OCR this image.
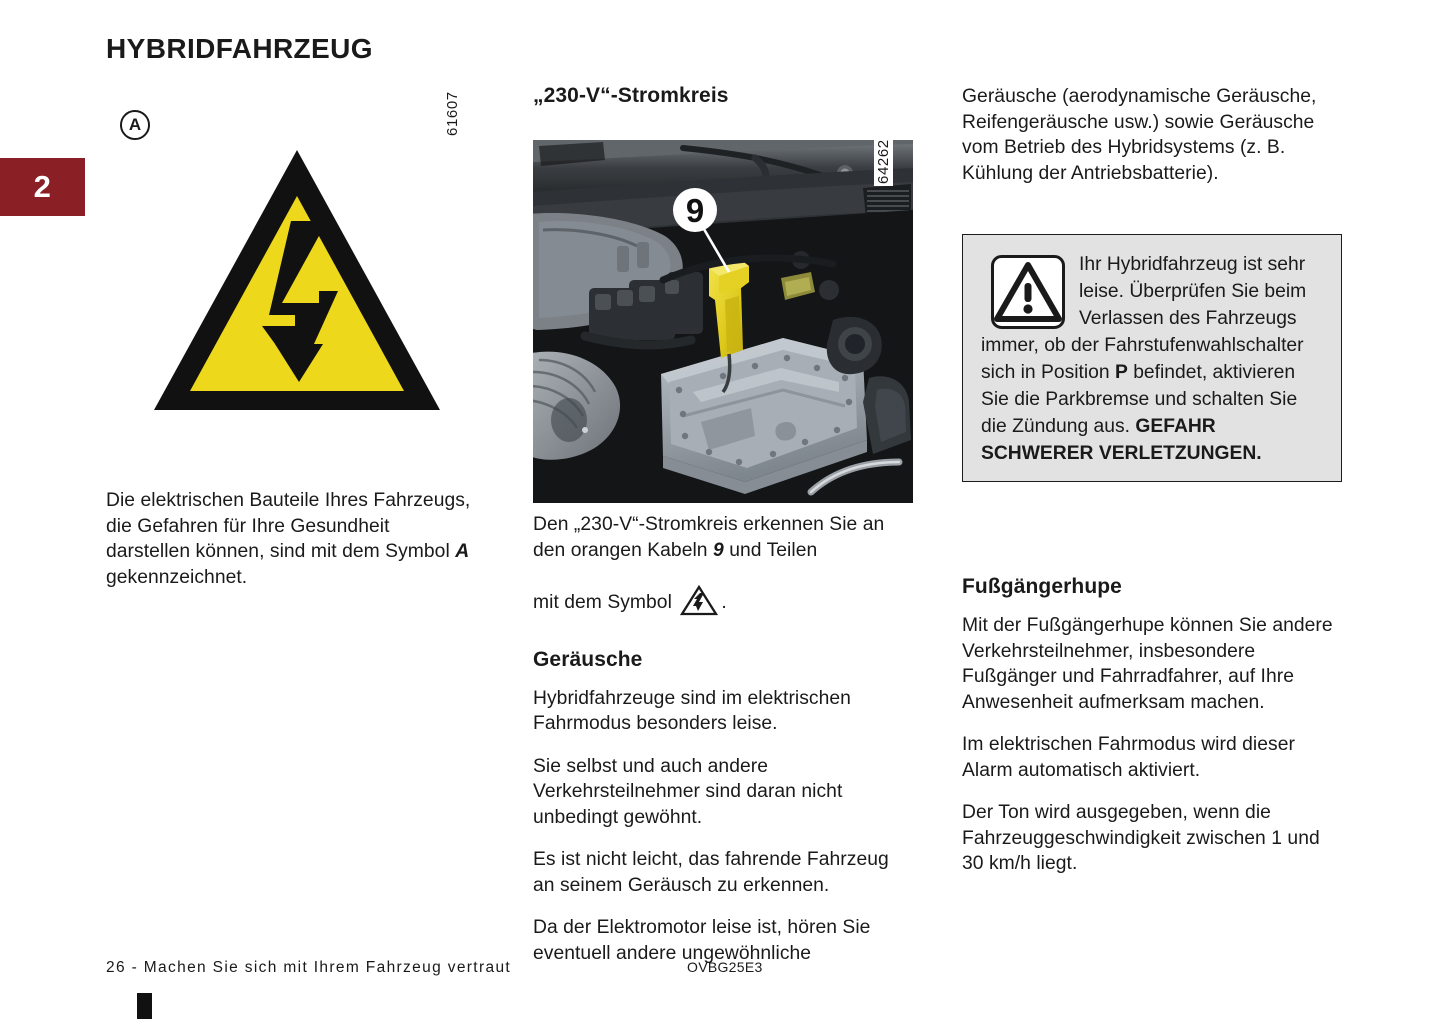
2
HYBRIDFAHRZEUG
A	61607

Die elektrischen Bauteile Ihres Fahrzeugs, die Gefahren für Ihre Gesundheit darstellen können, sind mit dem Symbol A gekennzeichnet.

„230-V“-Stromkreis
9
64262

Den „230-V“-Stromkreis erkennen Sie an den orangen Kabeln 9 und Teilen

mit dem Symbol .

Geräusche

Hybridfahrzeuge sind im elektrischen Fahrmodus besonders leise.

Sie selbst und auch andere Verkehrsteilnehmer sind daran nicht unbedingt gewöhnt.

Es ist nicht leicht, das fahrende Fahrzeug an seinem Geräusch zu erkennen.

Da der Elektromotor leise ist, hören Sie eventuell andere ungewöhnliche

Geräusche (aerodynamische Geräusche, Reifengeräusche usw.) sowie Geräusche vom Betrieb des Hybridsystems (z. B. Kühlung der Antriebsbatterie).

Ihr Hybridfahrzeug ist sehr leise. Überprüfen Sie beim Verlassen des Fahrzeugs immer, ob der Fahrstufenwahlschalter sich in Position P befindet, aktivieren Sie die Parkbremse und schalten Sie die Zündung aus. GEFAHR SCHWERER VERLETZUNGEN.

Fußgängerhupe

Mit der Fußgängerhupe können Sie andere Verkehrsteilnehmer, insbesondere Fußgänger und Fahrradfahrer, auf Ihre Anwesenheit aufmerksam machen.

Im elektrischen Fahrmodus wird dieser Alarm automatisch aktiviert.

Der Ton wird ausgegeben, wenn die Fahrzeuggeschwindigkeit zwischen 1 und 30 km/h liegt.

26 - Machen Sie sich mit Ihrem Fahrzeug vertraut	OVBG25E3
